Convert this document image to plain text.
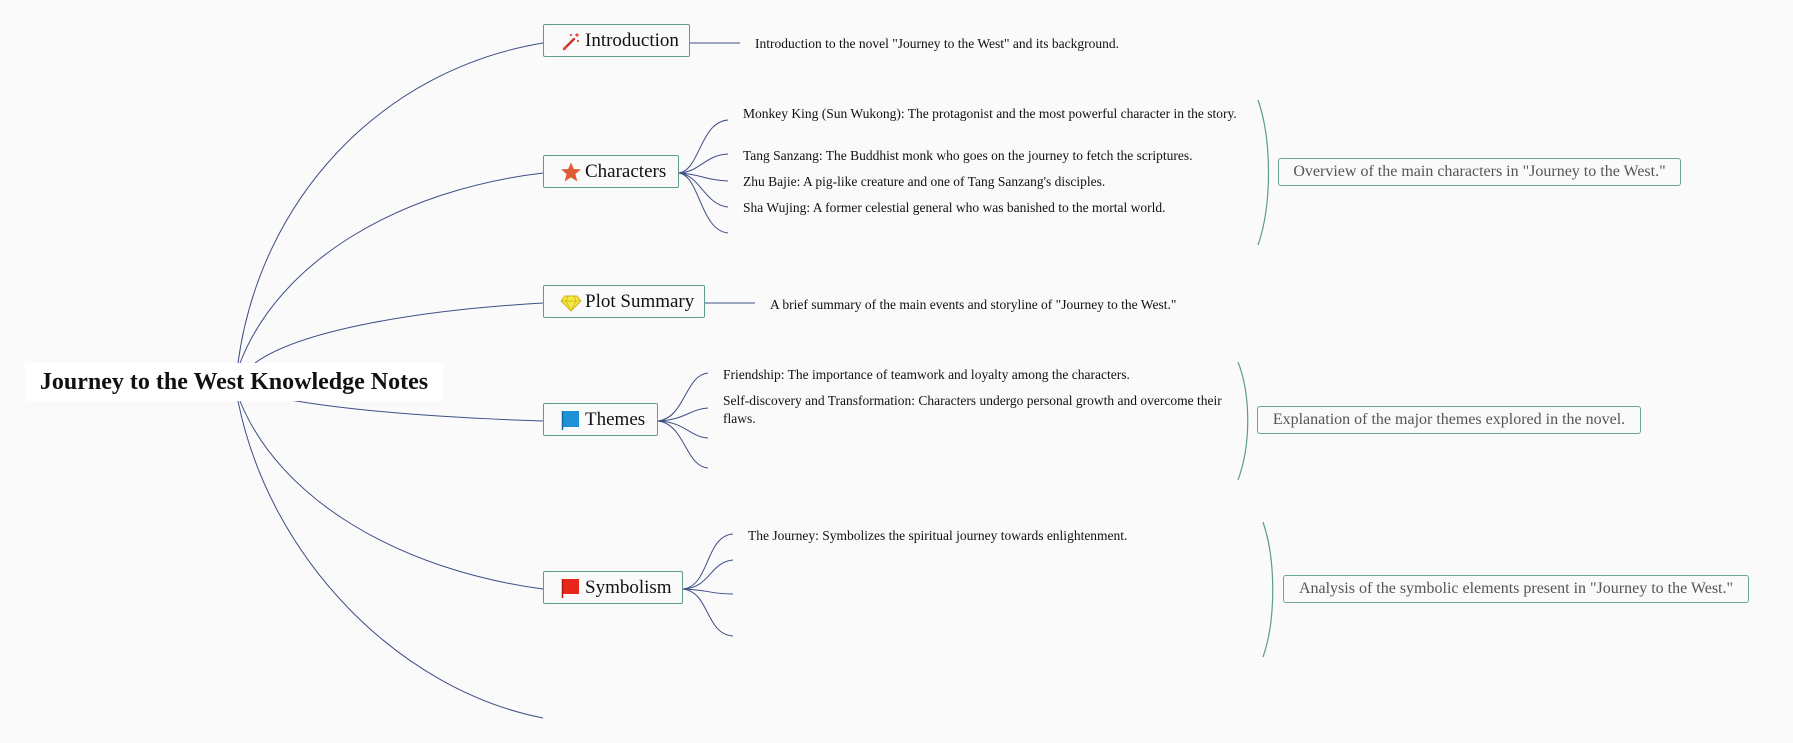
Journey to the West Knowledge Notes
Introduction	Introduction to the novel "Journey to the West" and its background.
Characters
Monkey King (Sun Wukong): The protagonist and the most powerful character in the story.
Tang Sanzang: The Buddhist monk who goes on the journey to fetch the scriptures.
Zhu Bajie: A pig-like creature and one of Tang Sanzang's disciples.
Sha Wujing: A former celestial general who was banished to the mortal world.
Overview of the main characters in "Journey to the West."
Plot Summary	A brief summary of the main events and storyline of "Journey to the West."
Themes
Friendship: The importance of teamwork and loyalty among the characters.
Self-discovery and Transformation: Characters undergo personal growth and overcome their flaws.	Explanation of the major themes explored in the novel.
Symbolism
The Journey: Symbolizes the spiritual journey towards enlightenment.
Analysis of the symbolic elements present in "Journey to the West."
